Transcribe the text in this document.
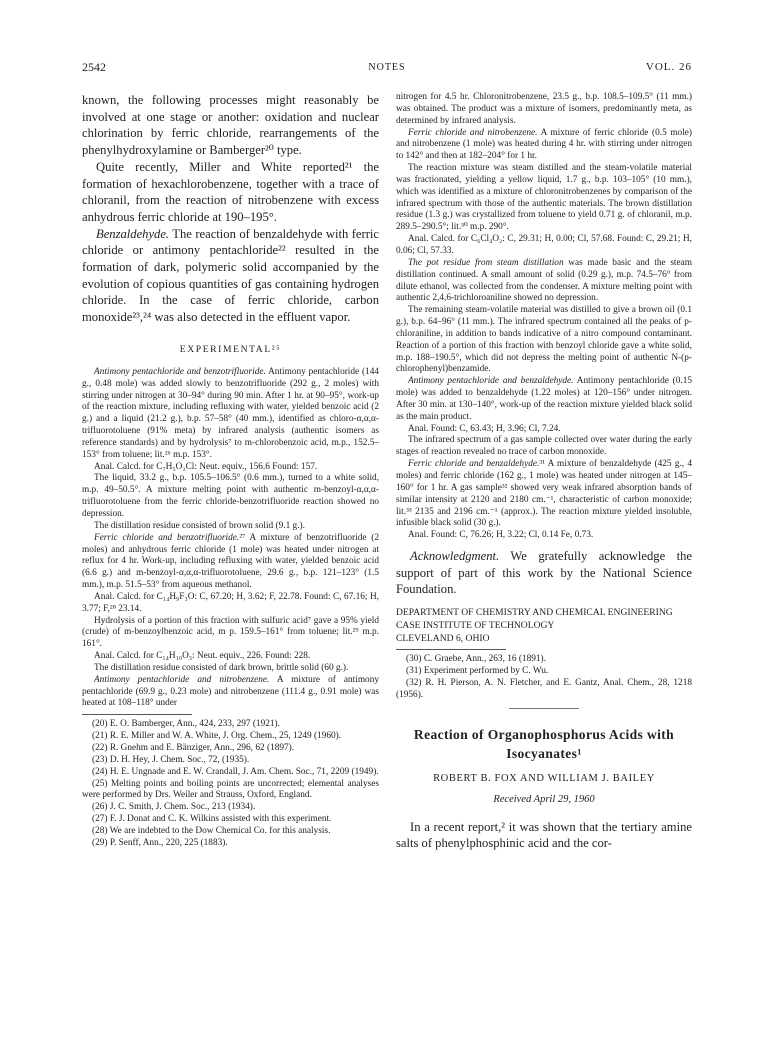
2542	NOTES	VOL. 26

known, the following processes might reasonably be involved at one stage or another: oxidation and nuclear chlorination by ferric chloride, rearrangements of the phenylhydroxylamine or Bamberger²⁰ type.

Quite recently, Miller and White reported²¹ the formation of hexachlorobenzene, together with a trace of chloranil, from the reaction of nitrobenzene with excess anhydrous ferric chloride at 190–195°.

Benzaldehyde. The reaction of benzaldehyde with ferric chloride or antimony pentachloride²² resulted in the formation of dark, polymeric solid accompanied by the evolution of copious quantities of gas containing hydrogen chloride. In the case of ferric chloride, carbon monoxide²³,²⁴ was also detected in the effluent vapor.

EXPERIMENTAL²⁵

Antimony pentachloride and benzotrifluoride. Antimony pentachloride (144 g., 0.48 mole) was added slowly to benzotrifluoride (292 g., 2 moles) with stirring under nitrogen at 30–94° during 90 min. After 1 hr. at 90–95°, work-up of the reaction mixture, including refluxing with water, yielded benzoic acid (2 g.) and a liquid (21.2 g.), b.p. 57–58° (40 mm.), identified as chloro-α,α,α-trifluorotoluene (91% meta) by infrared analysis (authentic isomers as reference standards) and by hydrolysis⁷ to m-chlorobenzoic acid, m.p., 152.5–153° from toluene; lit.²⁶ m.p. 153°.

Anal. Calcd. for C₇H₅O₂Cl: Neut. equiv., 156.6 Found: 157.

The liquid, 33.2 g., b.p. 105.5–106.5° (0.6 mm.), turned to a white solid, m.p. 49–50.5°. A mixture melting point with authentic m-benzoyl-α,α,α-trifluorotoluene from the ferric chloride-benzotrifluoride reaction showed no depression.

The distillation residue consisted of brown solid (9.1 g.).

Ferric chloride and benzotrifluoride.²⁷ A mixture of benzotrifluoride (2 moles) and anhydrous ferric chloride (1 mole) was heated under nitrogen at reflux for 4 hr. Work-up, including refluxing with water, yielded benzoic acid (6.6 g.) and m-benzoyl-α,α,α-trifluorotoluene, 29.6 g., b.p. 121–123° (1.5 mm.), m.p. 51.5–53° from aqueous methanol.

Anal. Calcd. for C₁₄H₉F₃O: C, 67.20; H, 3.62; F, 22.78. Found: C, 67.16; H, 3.77; F,²⁸ 23.14.

Hydrolysis of a portion of this fraction with sulfuric acid⁷ gave a 95% yield (crude) of m-benzoylbenzoic acid, m p. 159.5–161° from toluene; lit.²⁹ m.p. 161°.

Anal. Calcd. for C₁₄H₁₀O₃: Neut. equiv., 226. Found: 228.

The distillation residue consisted of dark brown, brittle solid (60 g.).

Antimony pentachloride and nitrobenzene. A mixture of antimony pentachloride (69.9 g., 0.23 mole) and nitrobenzene (111.4 g., 0.91 mole) was heated at 108–118° under

(20) E. O. Bamberger, Ann., 424, 233, 297 (1921).

(21) R. E. Miller and W. A. White, J. Org. Chem., 25, 1249 (1960).

(22) R. Gnehm and E. Bänziger, Ann., 296, 62 (1897).

(23) D. H. Hey, J. Chem. Soc., 72, (1935).

(24) H. E. Ungnade and E. W. Crandall, J. Am. Chem. Soc., 71, 2209 (1949).

(25) Melting points and boiling points are uncorrected; elemental analyses were performed by Drs. Weiler and Strauss, Oxford, England.

(26) J. C. Smith, J. Chem. Soc., 213 (1934).

(27) F. J. Donat and C. K. Wilkins assisted with this experiment.

(28) We are indebted to the Dow Chemical Co. for this analysis.

(29) P. Senff, Ann., 220, 225 (1883).

nitrogen for 4.5 hr. Chloronitrobenzene, 23.5 g., b.p. 108.5–109.5° (11 mm.) was obtained. The product was a mixture of isomers, predominantly meta, as determined by infrared analysis.

Ferric chloride and nitrobenzene. A mixture of ferric chloride (0.5 mole) and nitrobenzene (1 mole) was heated during 4 hr. with stirring under nitrogen to 142° and then at 182–204° for 1 hr.

The reaction mixture was steam distilled and the steam-volatile material was fractionated, yielding a yellow liquid, 1.7 g., b.p. 103–105° (10 mm.), which was identified as a mixture of chloronitrobenzenes by comparison of the infrared spectrum with those of the authentic materials. The brown distillation residue (1.3 g.) was crystallized from toluene to yield 0.71 g. of chloranil, m.p. 289.5–290.5°; lit.³⁰ m.p. 290°.

Anal. Calcd. for C₆Cl₄O₂: C, 29.31; H, 0.00; Cl, 57.68. Found: C, 29.21; H, 0.06; Cl, 57.33.

The pot residue from steam distillation was made basic and the steam distillation continued. A small amount of solid (0.29 g.), m.p. 74.5–76° from dilute ethanol, was collected from the condenser. A mixture melting point with authentic 2,4,6-trichloroaniline showed no depression.

The remaining steam-volatile material was distilled to give a brown oil (0.1 g.), b.p. 64–96° (11 mm.). The infrared spectrum contained all the peaks of p-chloraniline, in addition to bands indicative of a nitro compound contaminant. Reaction of a portion of this fraction with benzoyl chloride gave a white solid, m.p. 188–190.5°, which did not depress the melting point of authentic N-(p-chlorophenyl)benzamide.

Antimony pentachloride and benzaldehyde. Antimony pentachloride (0.15 mole) was added to benzaldehyde (1.22 moles) at 120–156° under nitrogen. After 30 min. at 130–140°, work-up of the reaction mixture yielded black solid as the main product.

Anal. Found: C, 63.43; H, 3.96; Cl, 7.24.

The infrared spectrum of a gas sample collected over water during the early stages of reaction revealed no trace of carbon monoxide.

Ferric chloride and benzaldehyde.³¹ A mixture of benzaldehyde (425 g., 4 moles) and ferric chloride (162 g., 1 mole) was heated under nitrogen at 145–160° for 1 hr. A gas sample³² showed very weak infrared absorption bands of similar intensity at 2120 and 2180 cm.⁻¹, characteristic of carbon monoxide; lit.³³ 2135 and 2196 cm.⁻¹ (approx.). The reaction mixture yielded insoluble, infusible black solid (30 g.).

Anal. Found: C, 76.26; H, 3.22; Cl, 0.14 Fe, 0.73.

Acknowledgment. We gratefully acknowledge the support of part of this work by the National Science Foundation.

DEPARTMENT OF CHEMISTRY AND CHEMICAL ENGINEERING
CASE INSTITUTE OF TECHNOLOGY
CLEVELAND 6, OHIO

(30) C. Graebe, Ann., 263, 16 (1891).

(31) Experiment performed by C. Wu.

(32) R. H. Pierson, A. N. Fletcher, and E. Gantz, Anal. Chem., 28, 1218 (1956).

Reaction of Organophosphorus Acids with Isocyanates¹
ROBERT B. FOX AND WILLIAM J. BAILEY
Received April 29, 1960

In a recent report,² it was shown that the tertiary amine salts of phenylphosphinic acid and the cor-
